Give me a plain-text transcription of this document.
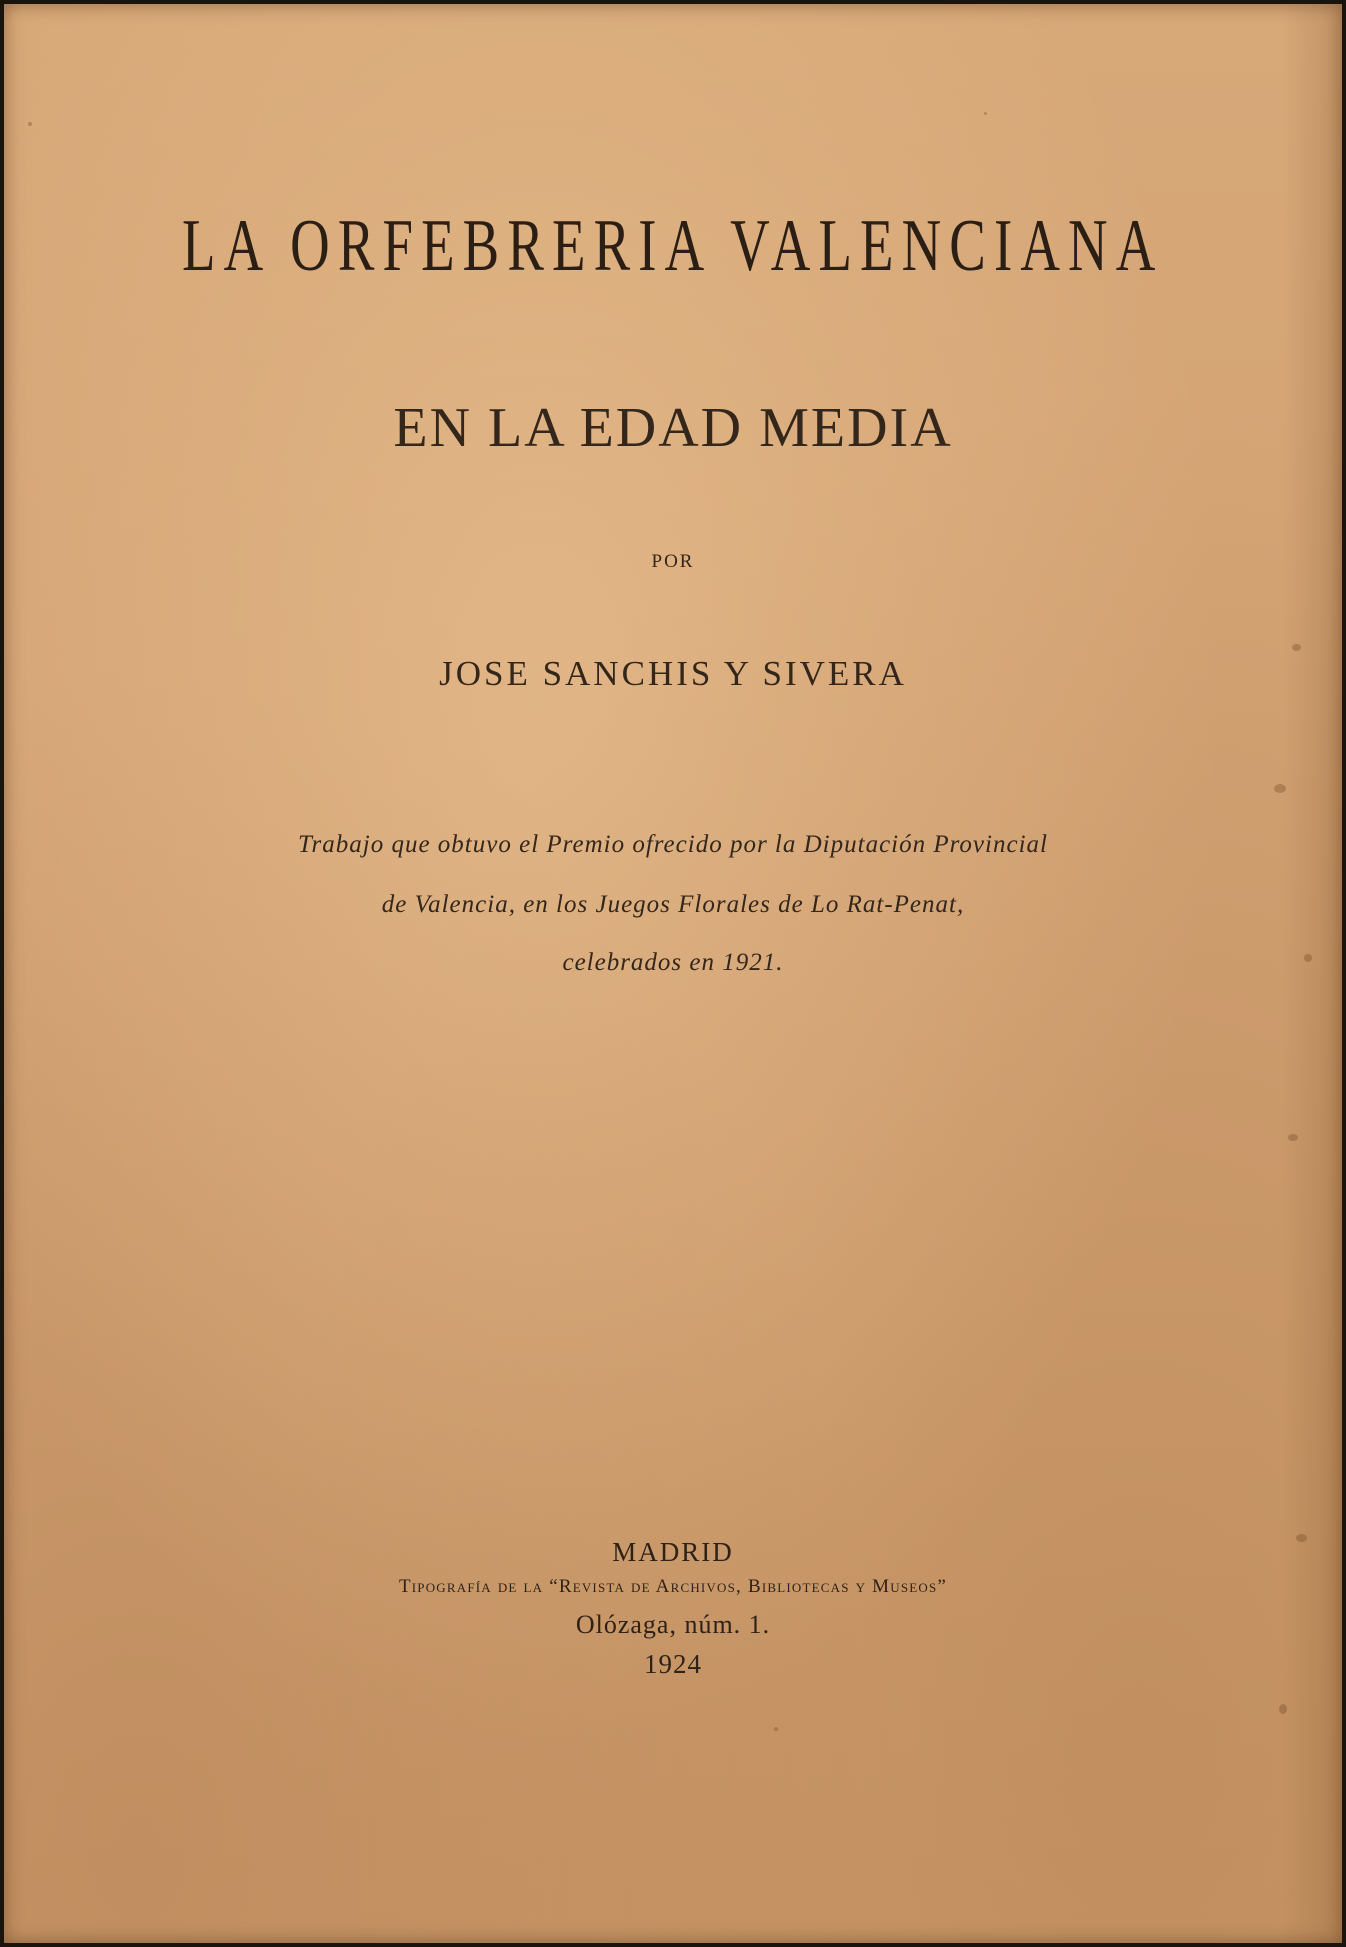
LA ORFEBRERIA VALENCIANA
EN LA EDAD MEDIA
POR
JOSE SANCHIS Y SIVERA
Trabajo que obtuvo el Premio ofrecido por la Diputación Provincial
de Valencia, en los Juegos Florales de Lo Rat-Penat,
celebrados en 1921.
MADRID
Tipografía de la “Revista de Archivos, Bibliotecas y Museos”
Olózaga, núm. 1.
1924
